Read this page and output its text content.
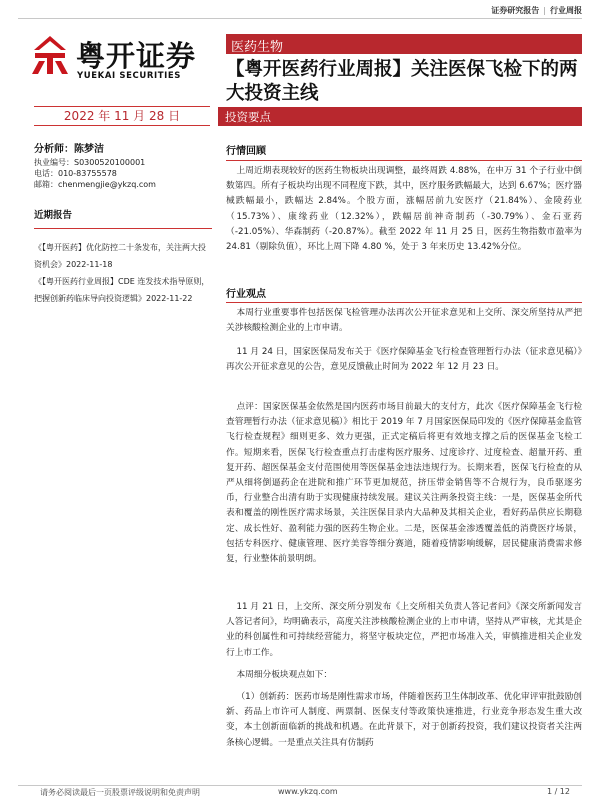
证券研究报告 | 行业周报
粤开证券
YUEKAI SECURITIES
医药生物
【粤开医药行业周报】关注医保飞检下的两大投资主线
2022 年 11 月 28 日	投资要点
分析师：陈梦洁
执业编号：S0300520100001
电话：010-83755578
邮箱：chenmengjie@ykzq.com
近期报告
《【粤开医药】优化防控二十条发布，关注两大投资机会》2022-11-18
《【粤开医药行业周报】CDE 连发技术指导原则，把握创新药临床导向投资逻辑》2022-11-22
行情回顾
上周近期表现较好的医药生物板块出现调整，最终周跌 4.88%，在申万 31 个子行业中倒数第四。所有子板块均出现不同程度下跌，其中，医疗服务跌幅最大，达到 6.67%；医疗器械跌幅最小，跌幅达 2.84%。个股方面，涨幅居前九安医疗（21.84%）、金陵药业（15.73%）、康缘药业（12.32%），跌幅居前神奇制药（-30.79%）、金石亚药（-21.05%）、华森制药（-20.87%）。截至 2022 年 11 月 25 日，医药生物指数市盈率为 24.81（剔除负值），环比上周下降 4.80 %，处于 3 年来历史 13.42%分位。
行业观点
本周行业重要事件包括医保飞检管理办法再次公开征求意见和上交所、深交所坚持从严把关涉核酸检测企业的上市申请。
11 月 24 日，国家医保局发布关于《医疗保障基金飞行检查管理暂行办法（征求意见稿）》再次公开征求意见的公告，意见反馈截止时间为 2022 年 12 月 23 日。
点评：国家医保基金依然是国内医药市场目前最大的支付方，此次《医疗保障基金飞行检查管理暂行办法（征求意见稿）》相比于 2019 年 7 月国家医保局印发的《医疗保障基金监管飞行检查规程》细则更多、效力更强，正式定稿后将更有效地支撑之后的医保基金飞检工作。短期来看，医保飞行检查重点打击虚构医疗服务、过度诊疗、过度检查、超量开药、重复开药、超医保基金支付范围使用等医保基金违法违规行为。长期来看，医保飞行检查的从严从细将倒逼药企在进院和推广环节更加规范，挤压带金销售等不合规行为，良币驱逐劣币，行业整合出清有助于实现健康持续发展。建议关注两条投资主线：一是，医保基金所代表和覆盖的刚性医疗需求场景，关注医保目录内大品种及其相关企业，看好药品供应长期稳定、成长性好、盈利能力强的医药生物企业。二是，医保基金渗透覆盖低的消费医疗场景，包括专科医疗、健康管理、医疗美容等细分赛道，随着疫情影响缓解，居民健康消费需求修复，行业整体前景明朗。
11 月 21 日，上交所、深交所分别发布《上交所相关负责人答记者问》《深交所新闻发言人答记者问》，均明确表示，高度关注涉核酸检测企业的上市申请，坚持从严审核，尤其是企业的科创属性和可持续经营能力，将坚守板块定位，严把市场准入关，审慎推进相关企业发行上市工作。
本周细分板块观点如下：
（1）创新药：医药市场是刚性需求市场，伴随着医药卫生体制改革、优化审评审批鼓励创新、药品上市许可人制度、两票制、医保支付等政策快速推进，行业竞争形态发生重大改变，本土创新面临新的挑战和机遇。在此背景下，对于创新药投资，我们建议投资者关注两条核心逻辑。一是重点关注具有仿制药
请务必阅读最后一页股票评级说明和免责声明	www.ykzq.com	1 / 12
